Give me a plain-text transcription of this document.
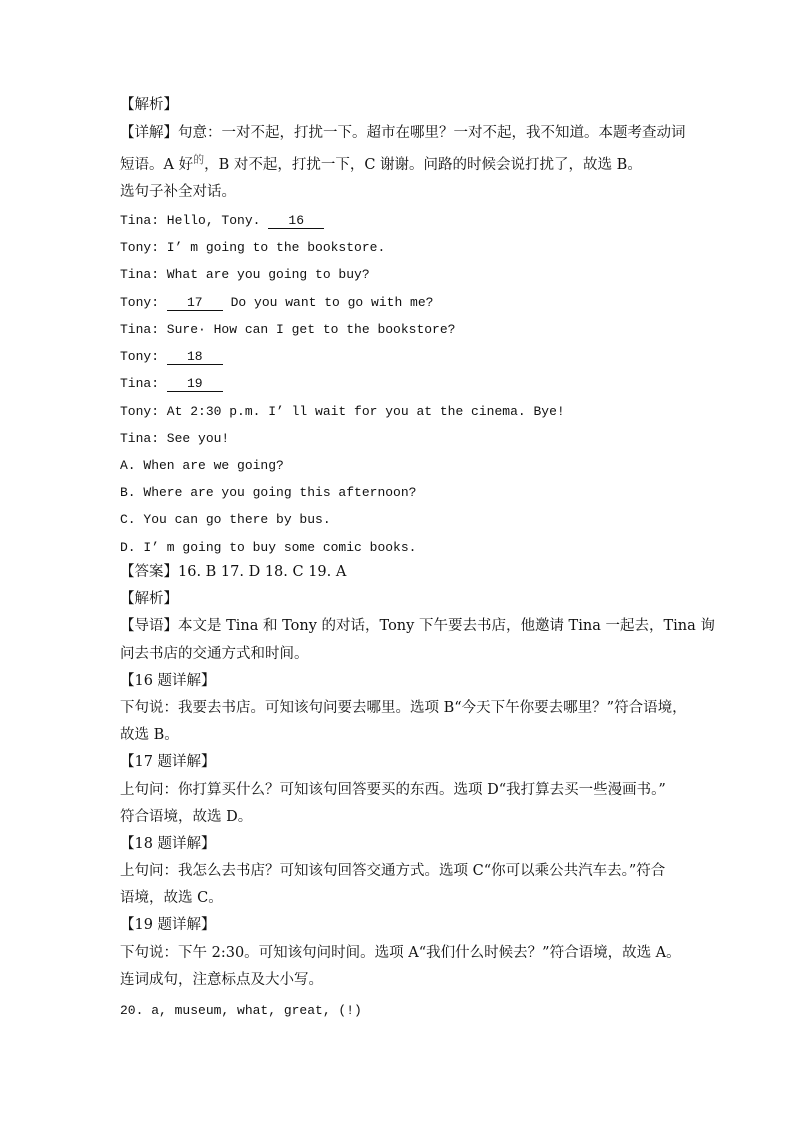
【解析】
【详解】句意：一对不起，打扰一下。超市在哪里？一对不起，我不知道。本题考查动词
短语。A 好$^的$，B 对不起，打扰一下，C 谢谢。问路的时候会说打扰了，故选 B。
选句子补全对话。
Tina: Hello, Tony. 16
Tony: I’ m going to the bookstore.
Tina: What are you going to buy?
Tony: 17 Do you want to go with me?
Tina: Sure· How can I get to the bookstore?
Tony: 18
Tina: 19
Tony: At 2:30 p.m. I’ ll wait for you at the cinema. Bye!
Tina: See you!
A. When are we going?
B. Where are you going this afternoon?
C. You can go there by bus.
D. I’ m going to buy some comic books.
【答案】16. B 17. D 18. C 19. A
【解析】
【导语】本文是 Tina 和 Tony 的对话，Tony 下午要去书店，他邀请 Tina 一起去，Tina 询
问去书店的交通方式和时间。
【16 题详解】
下句说：我要去书店。可知该句问要去哪里。选项 B“今天下午你要去哪里？”符合语境，
故选 B。
【17 题详解】
上句问：你打算买什么？可知该句回答要买的东西。选项 D“我打算去买一些漫画书。”
符合语境，故选 D。
【18 题详解】
上句问：我怎么去书店？可知该句回答交通方式。选项 C“你可以乘公共汽车去。”符合
语境，故选 C。
【19 题详解】
下句说：下午 2:30。可知该句问时间。选项 A“我们什么时候去？”符合语境，故选 A。
连词成句，注意标点及大小写。
20. a, museum, what, great, (!)
